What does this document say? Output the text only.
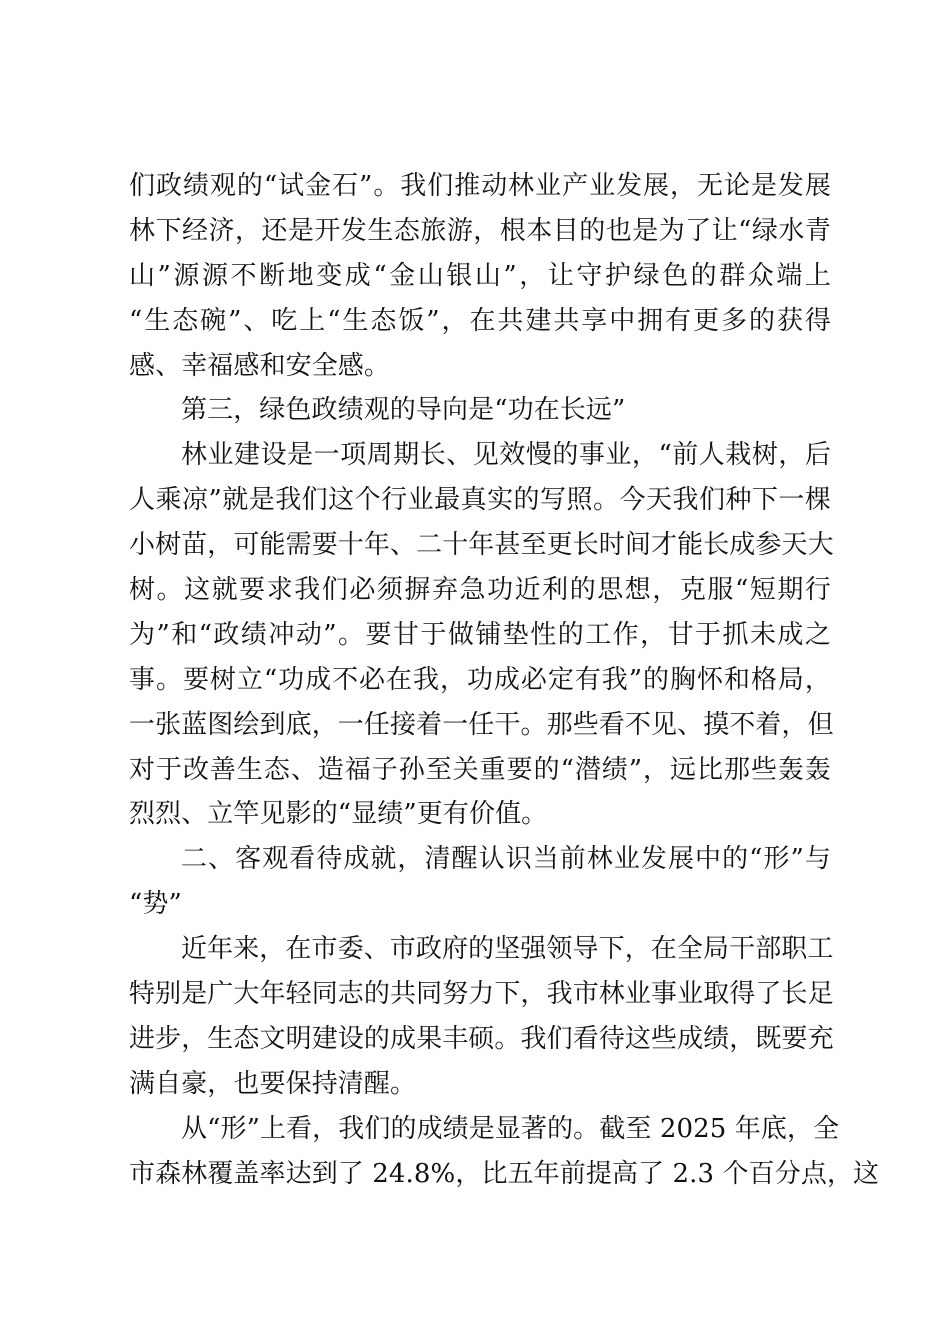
们政绩观的“试金石”。我们推动林业产业发展，无论是发展
林下经济，还是开发生态旅游，根本目的也是为了让“绿水青
山”源源不断地变成“金山银山”，让守护绿色的群众端上
“生态碗”、吃上“生态饭”，在共建共享中拥有更多的获得
感、幸福感和安全感。
第三，绿色政绩观的导向是“功在长远”
林业建设是一项周期长、见效慢的事业，“前人栽树，后
人乘凉”就是我们这个行业最真实的写照。今天我们种下一棵
小树苗，可能需要十年、二十年甚至更长时间才能长成参天大
树。这就要求我们必须摒弃急功近利的思想，克服“短期行
为”和“政绩冲动”。要甘于做铺垫性的工作，甘于抓未成之
事。要树立“功成不必在我，功成必定有我”的胸怀和格局，
一张蓝图绘到底，一任接着一任干。那些看不见、摸不着，但
对于改善生态、造福子孙至关重要的“潜绩”，远比那些轰轰
烈烈、立竿见影的“显绩”更有价值。
二、客观看待成就，清醒认识当前林业发展中的“形”与
“势”
近年来，在市委、市政府的坚强领导下，在全局干部职工
特别是广大年轻同志的共同努力下，我市林业事业取得了长足
进步，生态文明建设的成果丰硕。我们看待这些成绩，既要充
满自豪，也要保持清醒。
从“形”上看，我们的成绩是显著的。截至 2025 年底，全
市森林覆盖率达到了 24.8%，比五年前提高了 2.3 个百分点，这
